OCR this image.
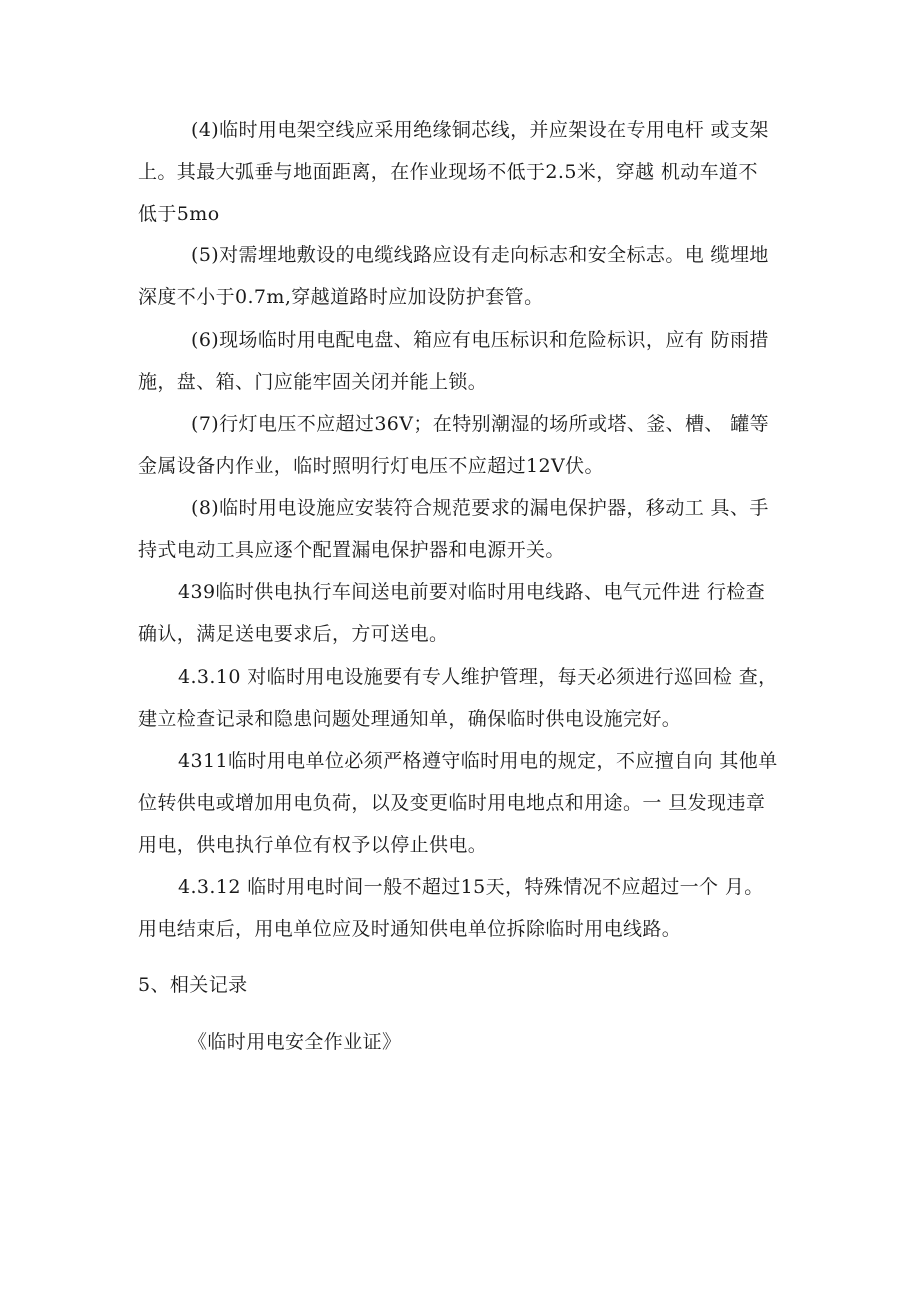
(4)临时用电架空线应采用绝缘铜芯线，并应架设在专用电杆 或支架
上。其最大弧垂与地面距离，在作业现场不低于2.5米，穿越 机动车道不
低于5mo
(5)对需埋地敷设的电缆线路应设有走向标志和安全标志。电 缆埋地
深度不小于0.7m,穿越道路时应加设防护套管。
(6)现场临时用电配电盘、箱应有电压标识和危险标识，应有 防雨措
施，盘、箱、门应能牢固关闭并能上锁。
(7)行灯电压不应超过36V；在特别潮湿的场所或塔、釜、槽、 罐等
金属设备内作业，临时照明行灯电压不应超过12V伏。
(8)临时用电设施应安装符合规范要求的漏电保护器，移动工 具、手
持式电动工具应逐个配置漏电保护器和电源开关。
439临时供电执行车间送电前要对临时用电线路、电气元件进 行检查
确认，满足送电要求后，方可送电。
4.3.10 对临时用电设施要有专人维护管理，每天必须进行巡回检 查，
建立检查记录和隐患问题处理通知单，确保临时供电设施完好。
4311临时用电单位必须严格遵守临时用电的规定，不应擅自向 其他单
位转供电或增加用电负荷，以及变更临时用电地点和用途。一 旦发现违章
用电，供电执行单位有权予以停止供电。
4.3.12 临时用电时间一般不超过15天，特殊情况不应超过一个 月。
用电结束后，用电单位应及时通知供电单位拆除临时用电线路。
5、相关记录
《临时用电安全作业证》
